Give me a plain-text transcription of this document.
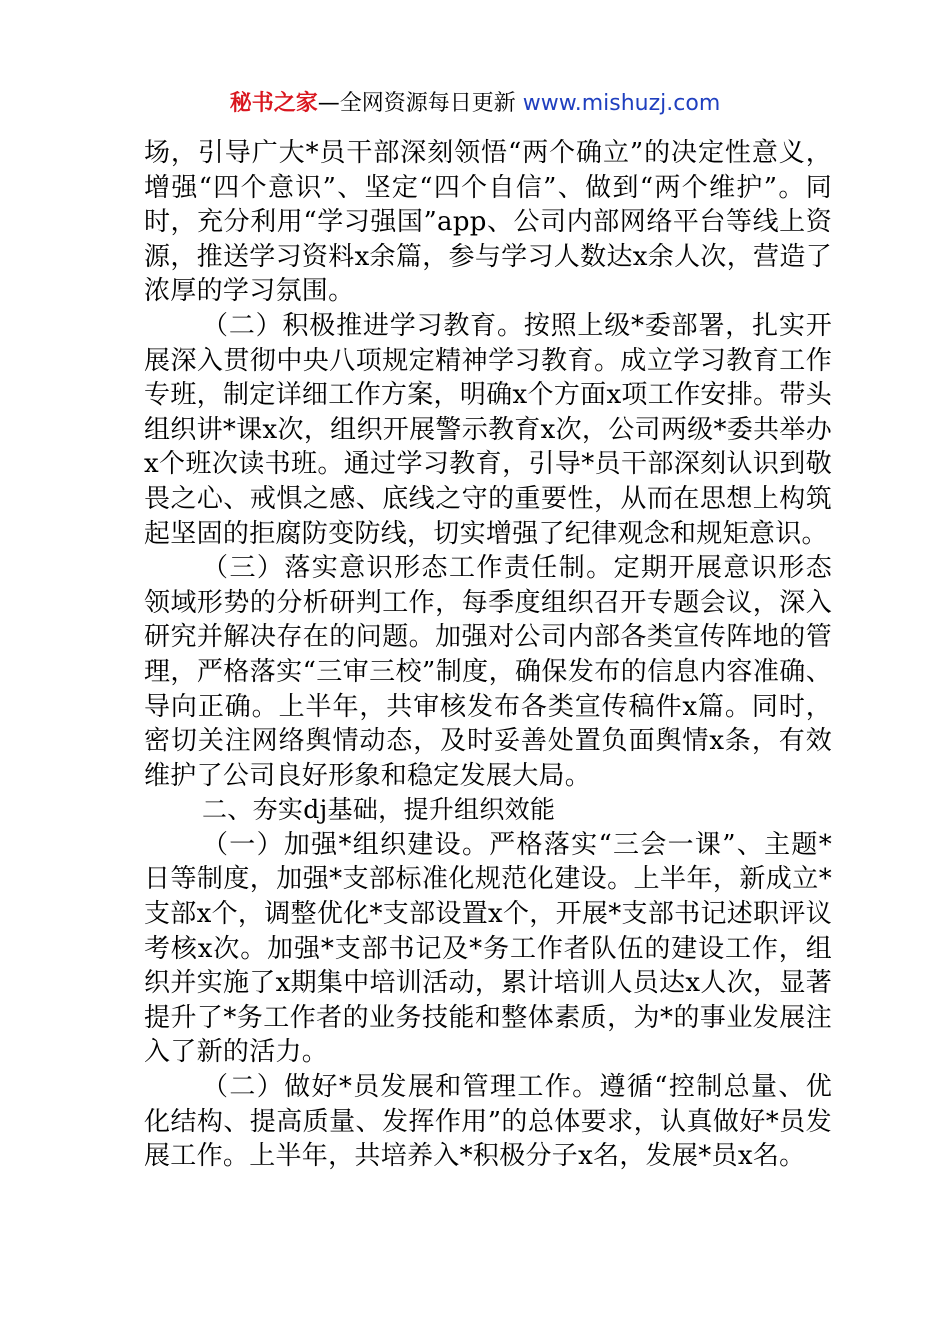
秘书之家—全网资源每日更新 www.mishuzj.com

场，引导广大*员干部深刻领悟“两个确立”的决定性意义，增强“四个意识”、坚定“四个自信”、做到“两个维护”。同时，充分利用“学习强国”app、公司内部网络平台等线上资源，推送学习资料x余篇，参与学习人数达x余人次，营造了浓厚的学习氛围。

（二）积极推进学习教育。按照上级*委部署，扎实开展深入贯彻中央八项规定精神学习教育。成立学习教育工作专班，制定详细工作方案，明确x个方面x项工作安排。带头组织讲*课x次，组织开展警示教育x次，公司两级*委共举办x个班次读书班。通过学习教育，引导*员干部深刻认识到敬畏之心、戒惧之感、底线之守的重要性，从而在思想上构筑起坚固的拒腐防变防线，切实增强了纪律观念和规矩意识。

（三）落实意识形态工作责任制。定期开展意识形态领域形势的分析研判工作，每季度组织召开专题会议，深入研究并解决存在的问题。加强对公司内部各类宣传阵地的管理，严格落实“三审三校”制度，确保发布的信息内容准确、导向正确。上半年，共审核发布各类宣传稿件x篇。同时，密切关注网络舆情动态，及时妥善处置负面舆情x条，有效维护了公司良好形象和稳定发展大局。

二、夯实dj基础，提升组织效能

（一）加强*组织建设。严格落实“三会一课”、主题*日等制度，加强*支部标准化规范化建设。上半年，新成立*支部x个，调整优化*支部设置x个，开展*支部书记述职评议考核x次。加强*支部书记及*务工作者队伍的建设工作，组织并实施了x期集中培训活动，累计培训人员达x人次，显著提升了*务工作者的业务技能和整体素质，为*的事业发展注入了新的活力。

（二）做好*员发展和管理工作。遵循“控制总量、优化结构、提高质量、发挥作用”的总体要求，认真做好*员发展工作。上半年，共培养入*积极分子x名，发展*员x名。
